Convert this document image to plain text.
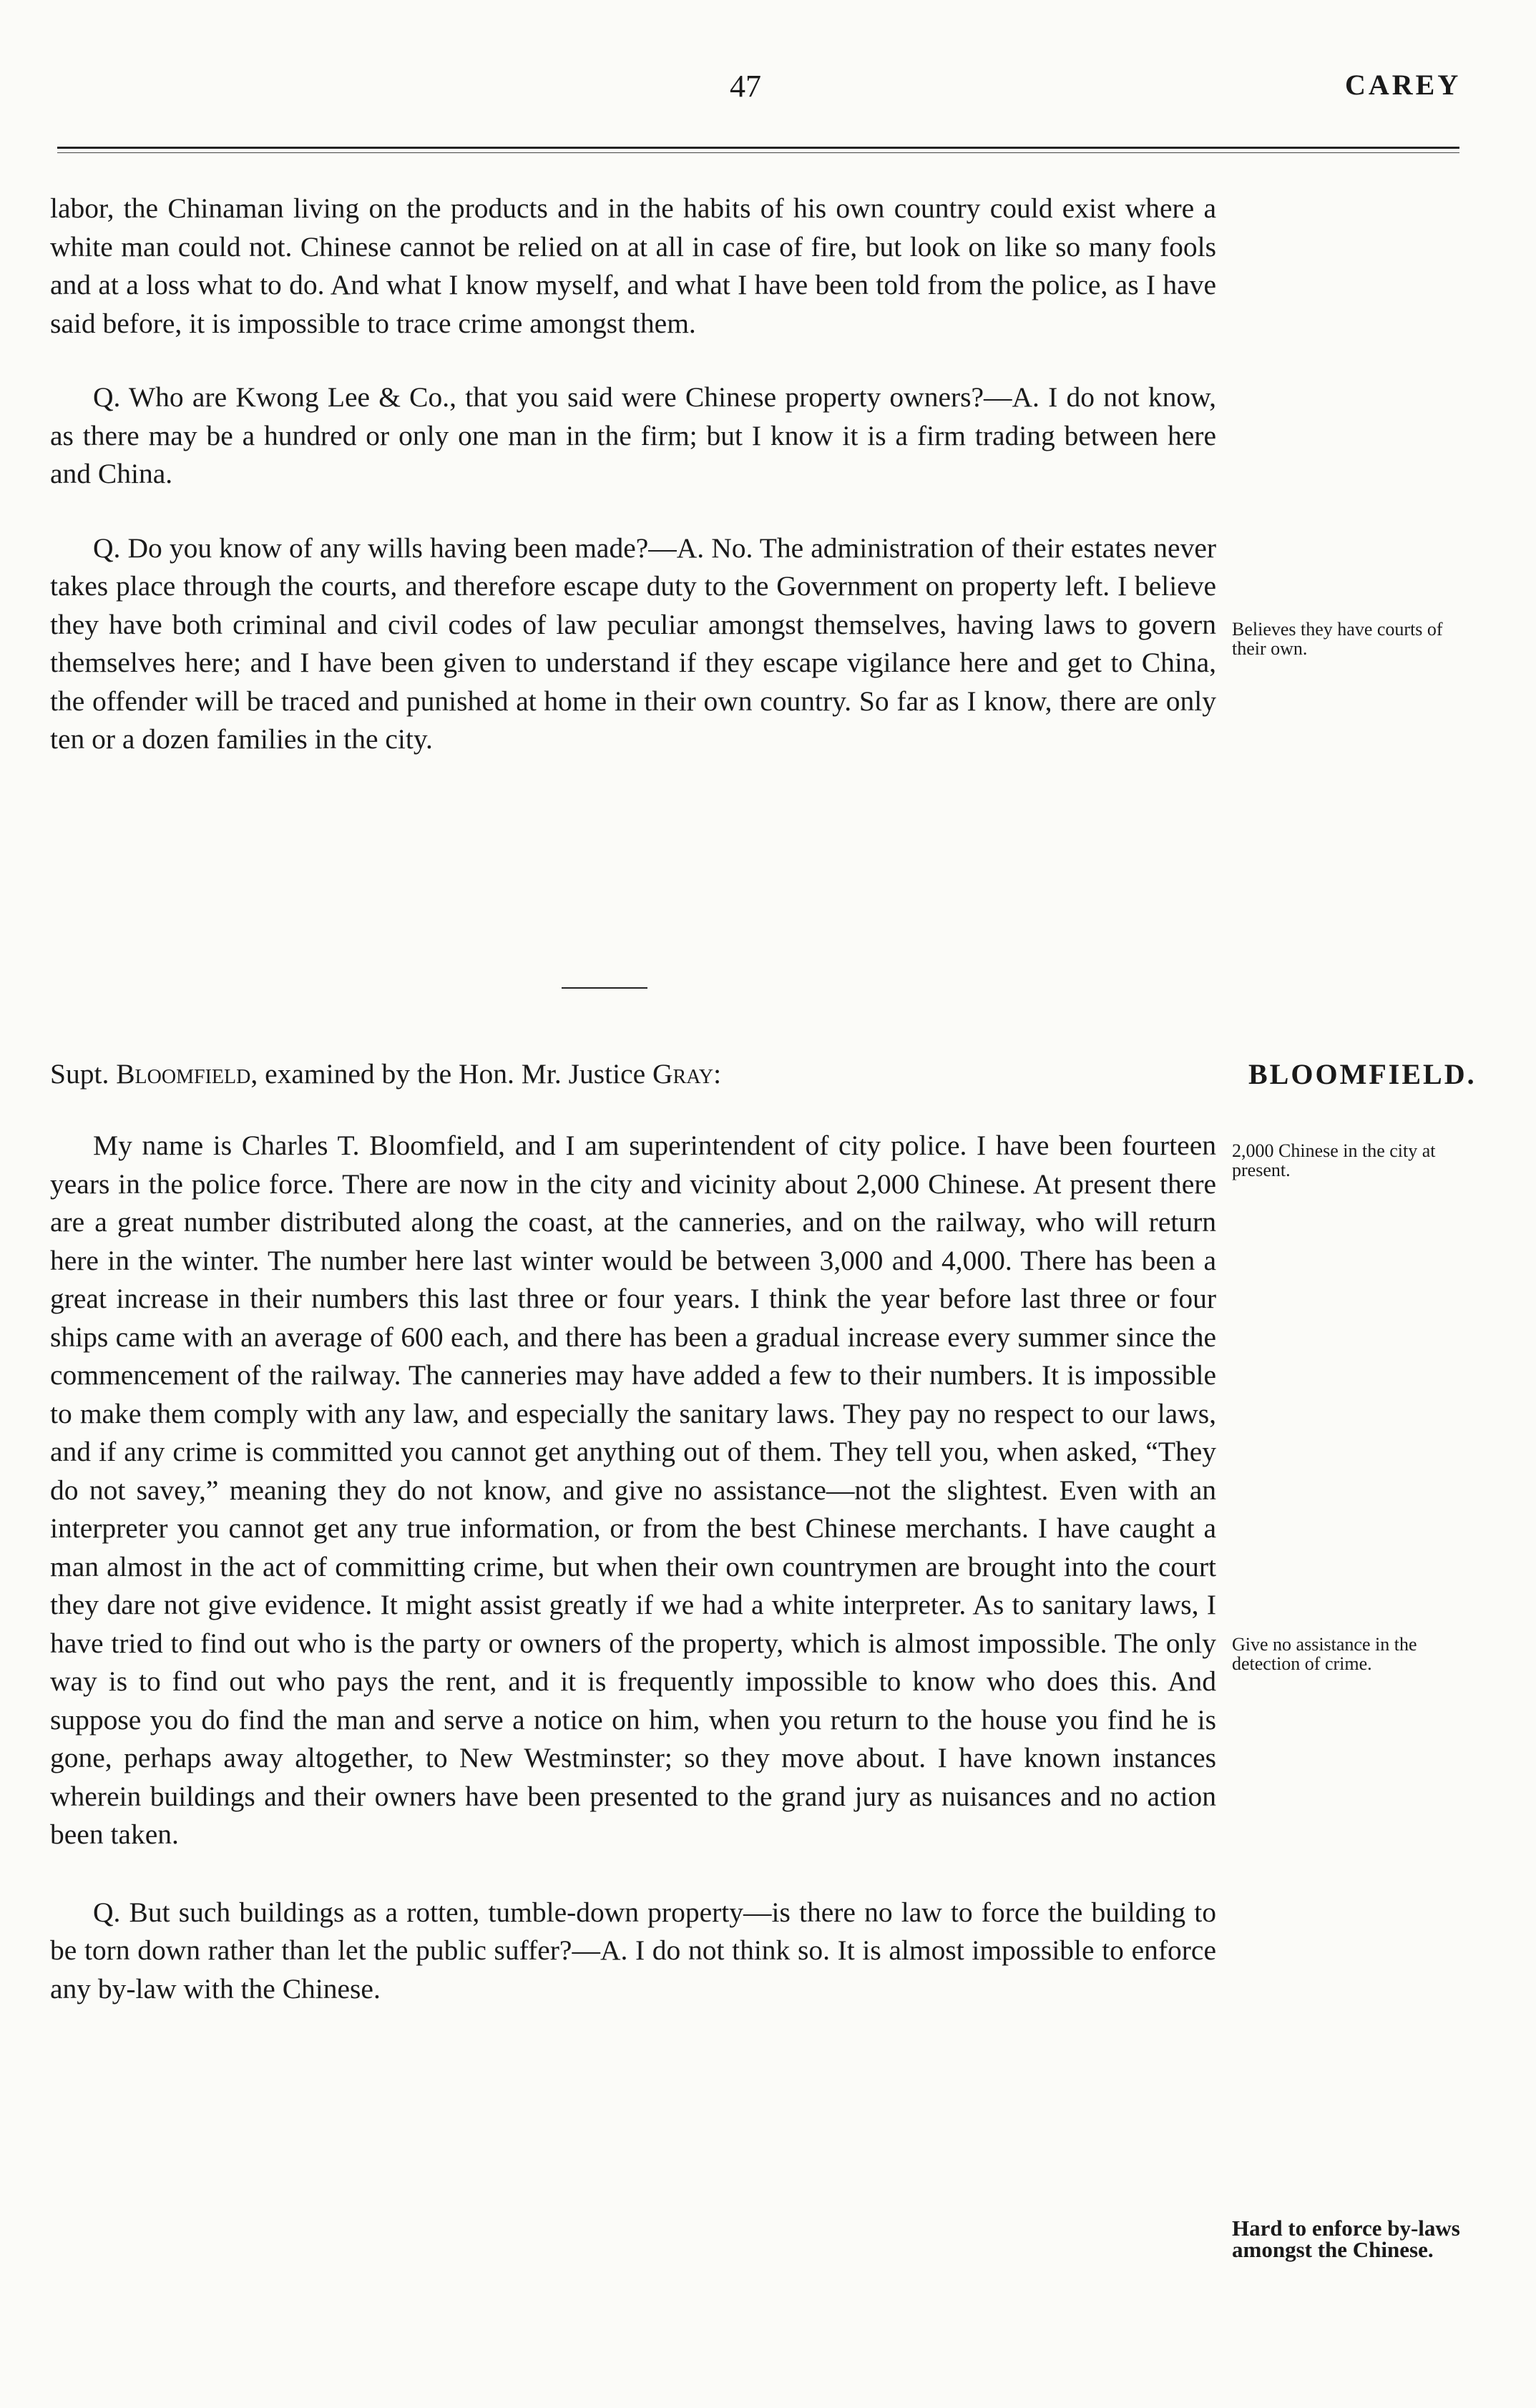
47	CAREY

labor, the Chinaman living on the products and in the habits of his own country could exist where a white man could not. Chinese cannot be relied on at all in case of fire, but look on like so many fools and at a loss what to do. And what I know myself, and what I have been told from the police, as I have said before, it is impossible to trace crime amongst them.

Q. Who are Kwong Lee & Co., that you said were Chinese property owners?—A. I do not know, as there may be a hundred or only one man in the firm; but I know it is a firm trading between here and China.

Q. Do you know of any wills having been made?—A. No. The administration of their estates never takes place through the courts, and therefore escape duty to the Government on property left. I believe they have both criminal and civil codes of law peculiar amongst themselves, having laws to govern themselves here; and I have been given to understand if they escape vigilance here and get to China, the offender will be traced and punished at home in their own country. So far as I know, there are only ten or a dozen families in the city.

Believes they have courts of their own.
Supt. Bloomfield, examined by the Hon. Mr. Justice Gray:	BLOOMFIELD.

My name is Charles T. Bloomfield, and I am superintendent of city police. I have been fourteen years in the police force. There are now in the city and vicinity about 2,000 Chinese. At present there are a great number distributed along the coast, at the canneries, and on the railway, who will return here in the winter. The number here last winter would be between 3,000 and 4,000. There has been a great increase in their numbers this last three or four years. I think the year before last three or four ships came with an average of 600 each, and there has been a gradual increase every summer since the commencement of the railway. The canneries may have added a few to their numbers. It is impossible to make them comply with any law, and especially the sanitary laws. They pay no respect to our laws, and if any crime is committed you cannot get anything out of them. They tell you, when asked, “They do not savey,” meaning they do not know, and give no assistance—not the slightest. Even with an interpreter you cannot get any true information, or from the best Chinese merchants. I have caught a man almost in the act of committing crime, but when their own countrymen are brought into the court they dare not give evidence. It might assist greatly if we had a white interpreter. As to sanitary laws, I have tried to find out who is the party or owners of the property, which is almost impossible. The only way is to find out who pays the rent, and it is frequently impossible to know who does this. And suppose you do find the man and serve a notice on him, when you return to the house you find he is gone, perhaps away altogether, to New Westminster; so they move about. I have known instances wherein buildings and their owners have been presented to the grand jury as nuisances and no action been taken.

Q. But such buildings as a rotten, tumble-down property—is there no law to force the building to be torn down rather than let the public suffer?—A. I do not think so. It is almost impossible to enforce any by-law with the Chinese.

2,000 Chinese in the city at present.
Give no assistance in the detection of crime.
Hard to enforce by-laws amongst the Chinese.
